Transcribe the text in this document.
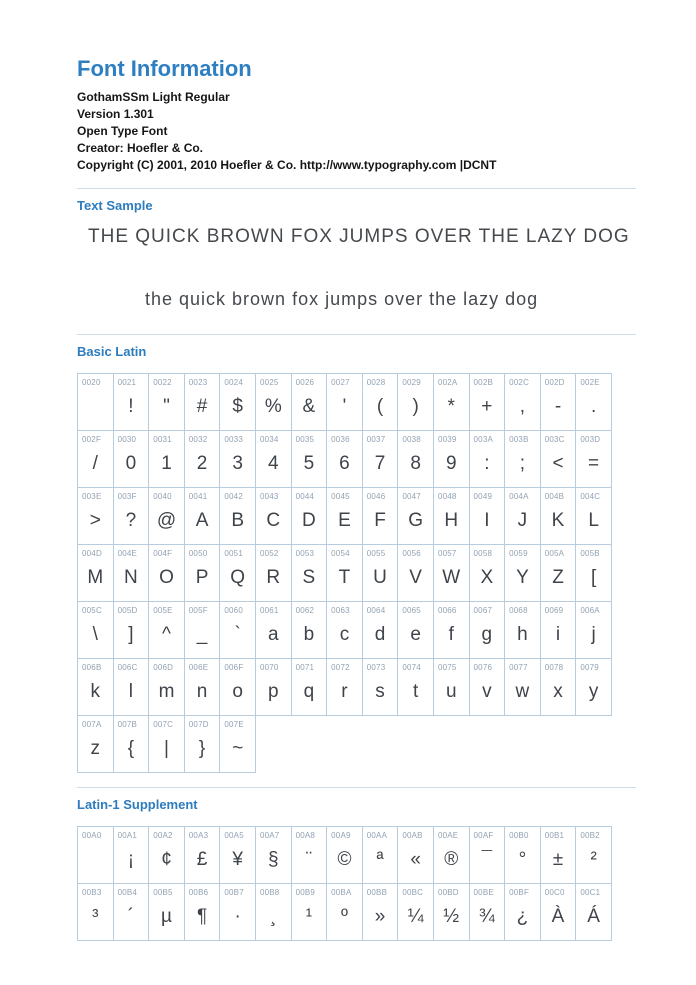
Font Information

GothamSSm Light Regular

Version 1.301

Open Type Font

Creator: Hoefler & Co.

Copyright (C) 2001, 2010 Hoefler & Co. http://www.typography.com |DCNT

Text Sample
THE QUICK BROWN FOX JUMPS OVER THE LAZY DOG
the quick brown fox jumps over the lazy dog
Basic Latin
0020	0021
!
0022
"
0023
#
0024
$
0025
%
0026
&
0027
'
0028
(
0029
)
002A
*
002B
+
002C
,
002D
-
002E
.
002F
/
0030
0
0031
1
0032
2
0033
3
0034
4
0035
5
0036
6
0037
7
0038
8
0039
9
003A
:
003B
;
003C
<
003D
=
003E
>
003F
?
0040
@
0041
A
0042
B
0043
C
0044
D
0045
E
0046
F
0047
G
0048
H
0049
I
004A
J
004B
K
004C
L
004D
M
004E
N
004F
O
0050
P
0051
Q
0052
R
0053
S
0054
T
0055
U
0056
V
0057
W
0058
X
0059
Y
005A
Z
005B
[
005C
\
005D
]
005E
^
005F
_
0060
`
0061
a
0062
b
0063
c
0064
d
0065
e
0066
f
0067
g
0068
h
0069
i
006A
j
006B
k
006C
l
006D
m
006E
n
006F
o
0070
p
0071
q
0072
r
0073
s
0074
t
0075
u
0076
v
0077
w
0078
x
0079
y
007A
z
007B
{
007C
|
007D
}
007E
~
Latin-1 Supplement
00A0	00A1
¡
00A2
¢
00A3
£
00A5
¥
00A7
§
00A8
¨
00A9
©
00AA
ª
00AB
«
00AE
®
00AF
¯
00B0
°
00B1
±
00B2
²
00B3
³
00B4
´
00B5
µ
00B6
¶
00B7
·
00B8
¸
00B9
¹
00BA
º
00BB
»
00BC
¼
00BD
½
00BE
¾
00BF
¿
00C0
À
00C1
Á
